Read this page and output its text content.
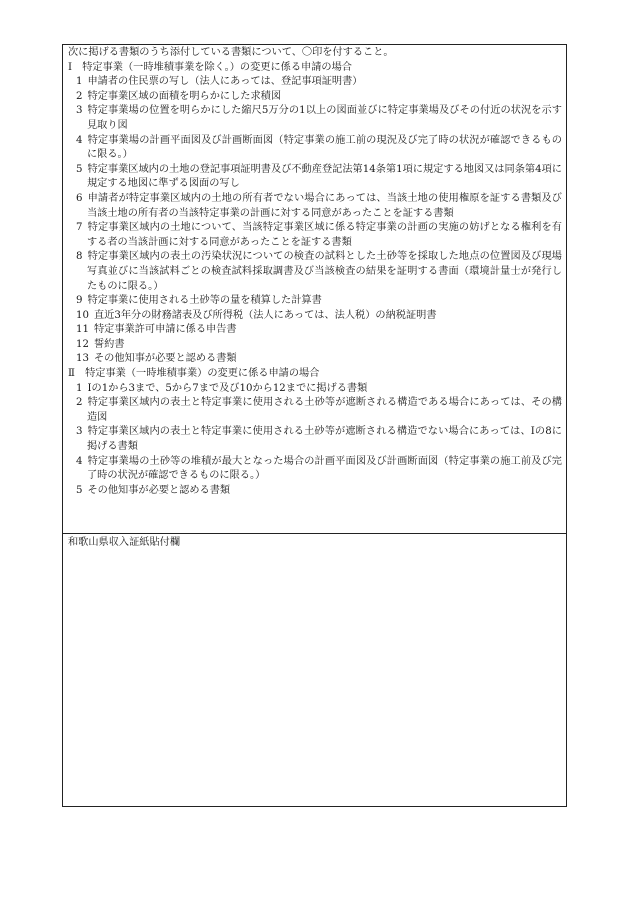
次に掲げる書類のうち添付している書類について、〇印を付すること。
Ⅰ　特定事業（一時堆積事業を除く。）の変更に係る申請の場合
1 申請者の住民票の写し（法人にあっては、登記事項証明書）
2 特定事業区域の面積を明らかにした求積図
3 特定事業場の位置を明らかにした縮尺5万分の1以上の図面並びに特定事業場及びその付近の状況を示す見取り図
4 特定事業場の計画平面図及び計画断面図（特定事業の施工前の現況及び完了時の状況が確認できるものに限る。）
5 特定事業区域内の土地の登記事項証明書及び不動産登記法第14条第1項に規定する地図又は同条第4項に規定する地図に準ずる図面の写し
6 申請者が特定事業区域内の土地の所有者でない場合にあっては、当該土地の使用権原を証する書類及び当該土地の所有者の当該特定事業の計画に対する同意があったことを証する書類
7 特定事業区域内の土地について、当該特定事業区域に係る特定事業の計画の実施の妨げとなる権利を有する者の当該計画に対する同意があったことを証する書類
8 特定事業区域内の表土の汚染状況についての検査の試料とした土砂等を採取した地点の位置図及び現場写真並びに当該試料ごとの検査試料採取調書及び当該検査の結果を証明する書面（環境計量士が発行したものに限る。）
9 特定事業に使用される土砂等の量を積算した計算書
10 直近3年分の財務諸表及び所得税（法人にあっては、法人税）の納税証明書
11 特定事業許可申請に係る申告書
12 誓約書
13 その他知事が必要と認める書類
Ⅱ　特定事業（一時堆積事業）の変更に係る申請の場合
1 Ⅰの1から3まで、5から7まで及び10から12までに掲げる書類
2 特定事業区域内の表土と特定事業に使用される土砂等が遮断される構造である場合にあっては、その構造図
3 特定事業区域内の表土と特定事業に使用される土砂等が遮断される構造でない場合にあっては、Ⅰの8に掲げる書類
4 特定事業場の土砂等の堆積が最大となった場合の計画平面図及び計画断面図（特定事業の施工前及び完了時の状況が確認できるものに限る。）
5 その他知事が必要と認める書類
和歌山県収入証紙貼付欄
